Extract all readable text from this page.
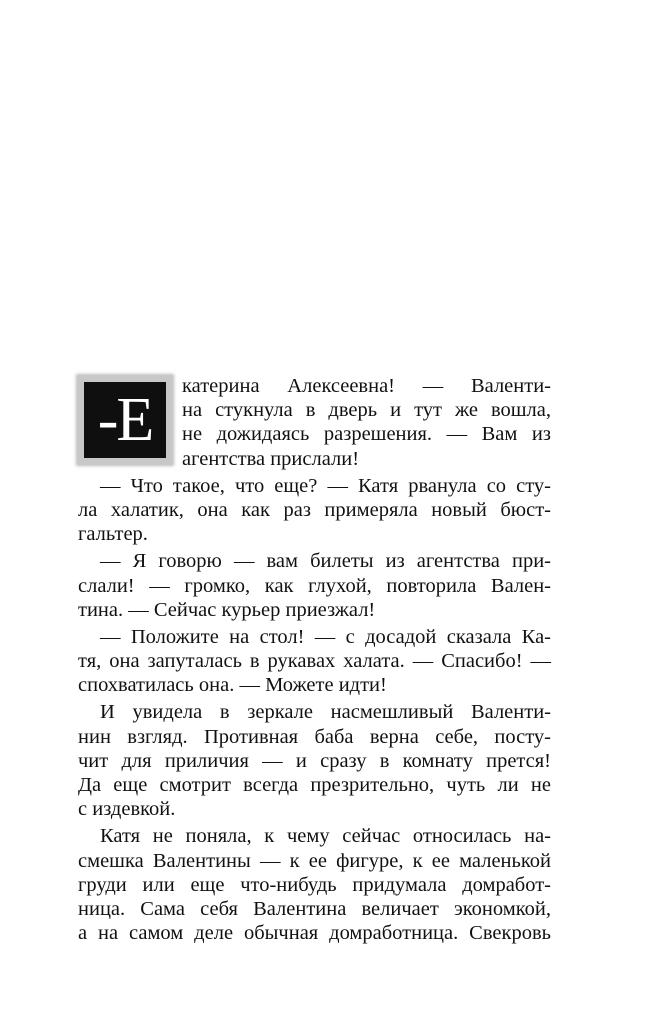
-Е	катерина Алексеевна! — Валенти-
на стукнула в дверь и тут же вошла,
не дожидаясь разрешения. — Вам из
агентства прислали!
— Что такое, что еще? — Катя рванула со сту-
ла халатик, она как раз примеряла новый бюст-
гальтер.
— Я говорю — вам билеты из агентства при-
слали! — громко, как глухой, повторила Вален-
тина. — Сейчас курьер приезжал!
— Положите на стол! — с досадой сказала Ка-
тя, она запуталась в рукавах халата. — Спасибо! —
спохватилась она. — Можете идти!
И увидела в зеркале насмешливый Валенти-
нин взгляд. Противная баба верна себе, посту-
чит для приличия — и сразу в комнату прется!
Да еще смотрит всегда презрительно, чуть ли не
с издевкой.
Катя не поняла, к чему сейчас относилась на-
смешка Валентины — к ее фигуре, к ее маленькой
груди или еще что-нибудь придумала домработ-
ница. Сама себя Валентина величает экономкой,
а на самом деле обычная домработница. Свекровь
